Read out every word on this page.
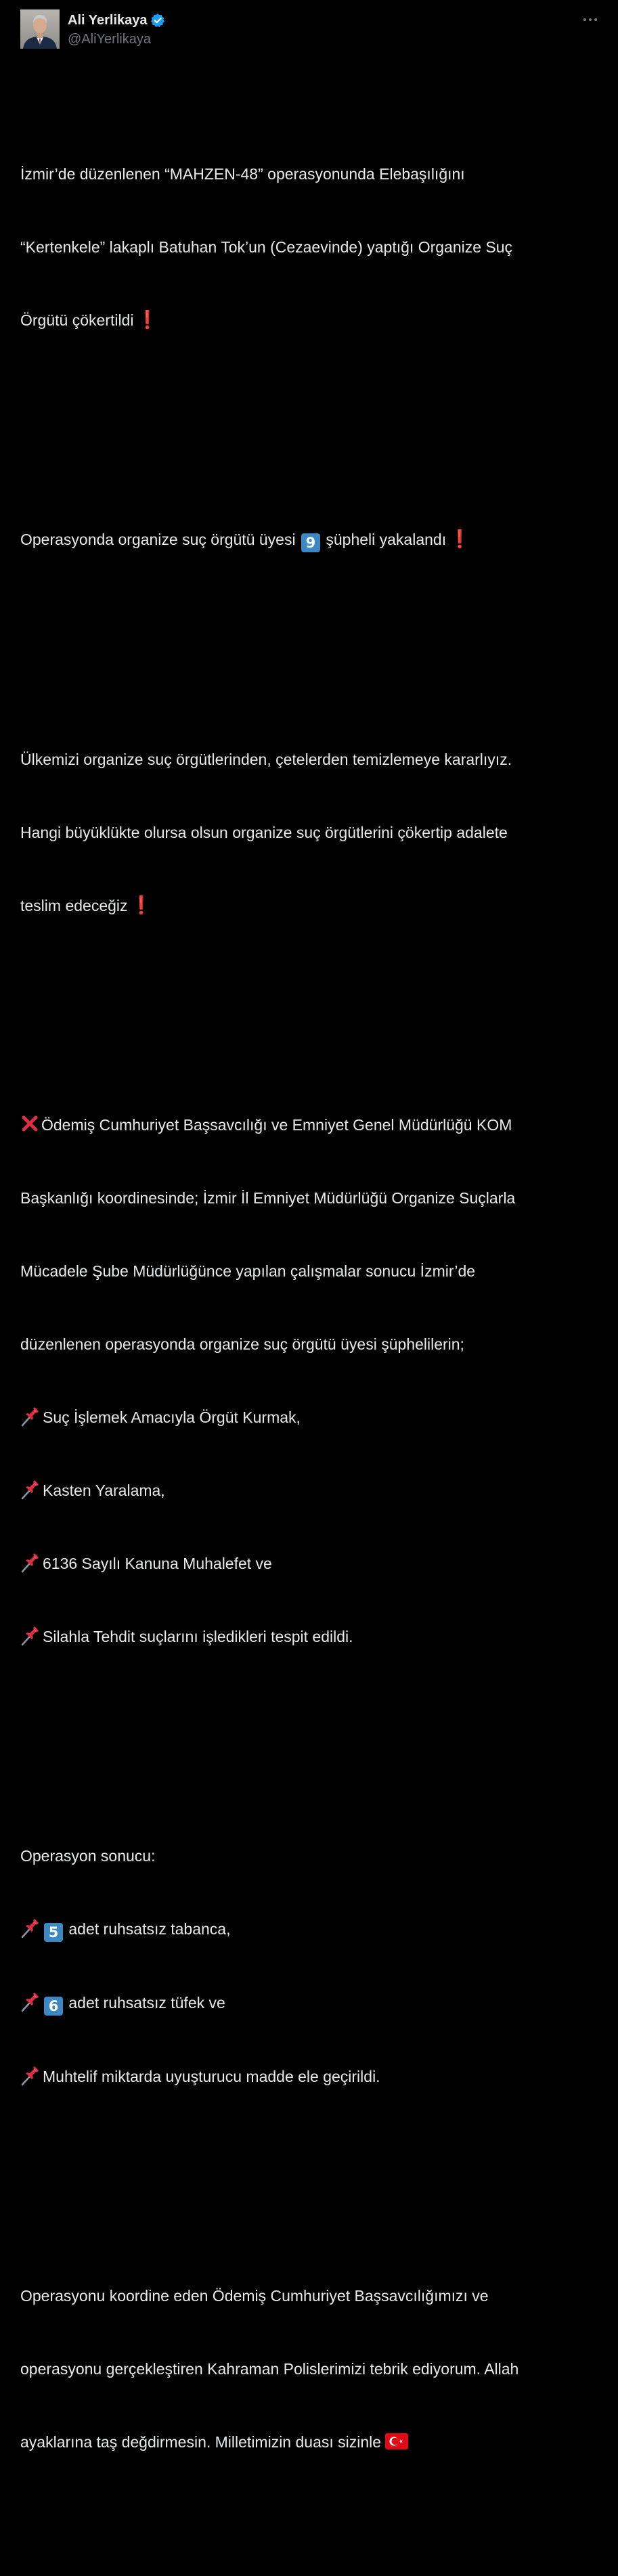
Ali Yerlikaya
@AliYerlikaya

İzmir’de düzenlenen “MAHZEN-48” operasyonunda Elebaşılığını

“Kertenkele” lakaplı Batuhan Tok’un (Cezaevinde) yaptığı Organize Suç

Örgütü çökertildi ❗

Operasyonda organize suç örgütü üyesi 9 şüpheli yakalandı ❗

Ülkemizi organize suç örgütlerinden, çetelerden temizlemeye kararlıyız.

Hangi büyüklükte olursa olsun organize suç örgütlerini çökertip adalete

teslim edeceğiz ❗

Ödemiş Cumhuriyet Başsavcılığı ve Emniyet Genel Müdürlüğü KOM

Başkanlığı koordinesinde; İzmir İl Emniyet Müdürlüğü Organize Suçlarla

Mücadele Şube Müdürlüğünce yapılan çalışmalar sonucu İzmir’de

düzenlenen operasyonda organize suç örgütü üyesi şüphelilerin;

Suç İşlemek Amacıyla Örgüt Kurmak,

Kasten Yaralama,

6136 Sayılı Kanuna Muhalefet ve

Silahla Tehdit suçlarını işledikleri tespit edildi.

Operasyon sonucu:

5 adet ruhsatsız tabanca,

6 adet ruhsatsız tüfek ve

Muhtelif miktarda uyuşturucu madde ele geçirildi.

Operasyonu koordine eden Ödemiş Cumhuriyet Başsavcılığımızı ve

operasyonu gerçekleştiren Kahraman Polislerimizi tebrik ediyorum. Allah

ayaklarına taş değdirmesin. Milletimizin duası sizinle
